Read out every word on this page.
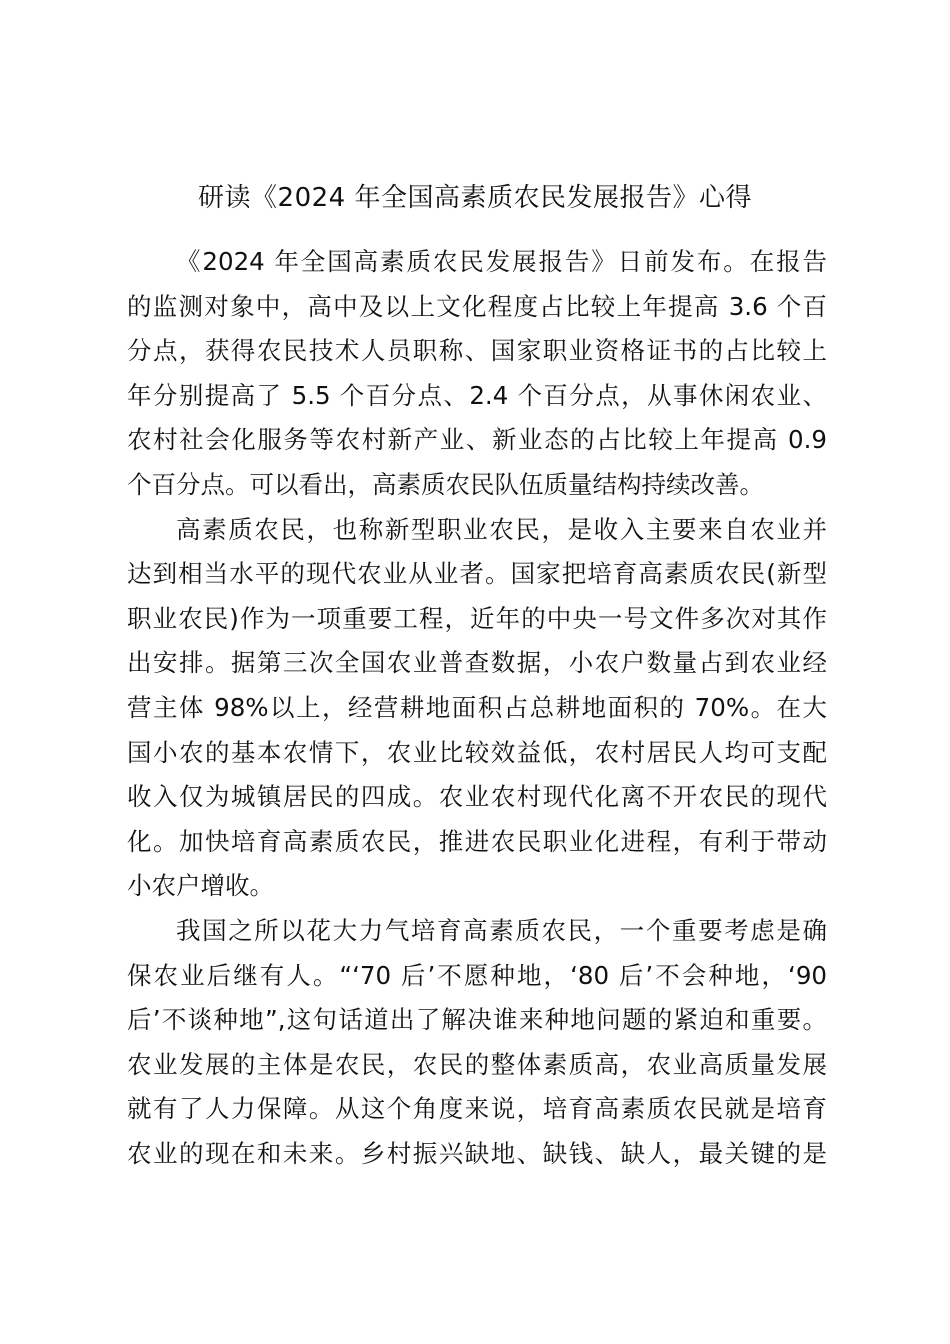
研读《2024 年全国高素质农民发展报告》心得

《2024 年全国高素质农民发展报告》日前发布。在报告
的监测对象中，高中及以上文化程度占比较上年提高 3.6 个百
分点，获得农民技术人员职称、国家职业资格证书的占比较上
年分别提高了 5.5 个百分点、2.4 个百分点，从事休闲农业、
农村社会化服务等农村新产业、新业态的占比较上年提高 0.9
个百分点。可以看出，高素质农民队伍质量结构持续改善。

高素质农民，也称新型职业农民，是收入主要来自农业并
达到相当水平的现代农业从业者。国家把培育高素质农民(新型
职业农民)作为一项重要工程，近年的中央一号文件多次对其作
出安排。据第三次全国农业普查数据，小农户数量占到农业经
营主体 98%以上，经营耕地面积占总耕地面积的 70%。在大
国小农的基本农情下，农业比较效益低，农村居民人均可支配
收入仅为城镇居民的四成。农业农村现代化离不开农民的现代
化。加快培育高素质农民，推进农民职业化进程，有利于带动
小农户增收。

我国之所以花大力气培育高素质农民，一个重要考虑是确
保农业后继有人。“‘70 后’不愿种地，‘80 后’不会种地，‘90
后’不谈种地”,这句话道出了解决谁来种地问题的紧迫和重要。
农业发展的主体是农民，农民的整体素质高，农业高质量发展
就有了人力保障。从这个角度来说，培育高素质农民就是培育
农业的现在和未来。乡村振兴缺地、缺钱、缺人，最关键的是
